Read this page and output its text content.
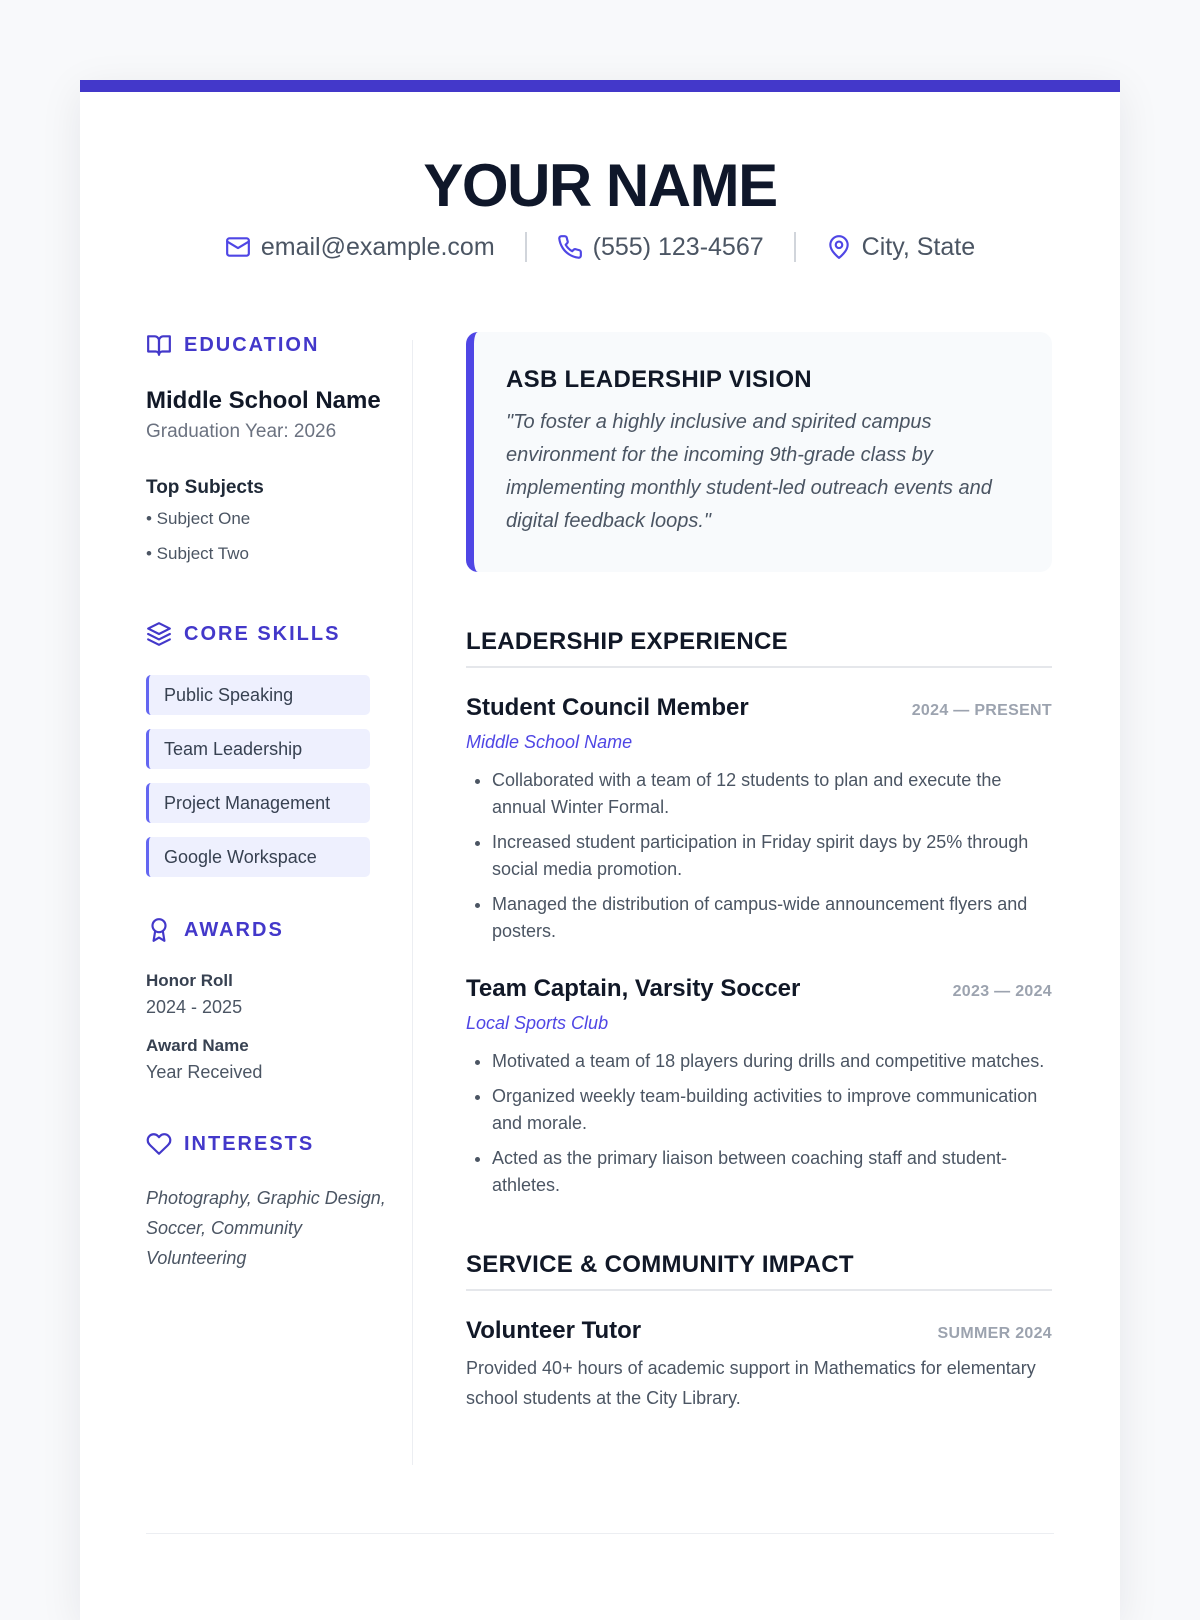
YOUR NAME
email@example.com	(555) 123-4567	City, State
EDUCATION
Middle School Name
Graduation Year: 2026
Top Subjects
• Subject One
• Subject Two
CORE SKILLS
Public Speaking
Team Leadership
Project Management
Google Workspace
AWARDS
Honor Roll
2024 - 2025
Award Name
Year Received
INTERESTS
Photography, Graphic Design, Soccer, Community Volunteering
ASB LEADERSHIP VISION
"To foster a highly inclusive and spirited campus environment for the incoming 9th-grade class by implementing monthly student-led outreach events and digital feedback loops."
LEADERSHIP EXPERIENCE
Student Council Member	2024 — PRESENT
Middle School Name
• Collaborated with a team of 12 students to plan and execute the annual Winter Formal.
• Increased student participation in Friday spirit days by 25% through social media promotion.
• Managed the distribution of campus-wide announcement flyers and posters.
Team Captain, Varsity Soccer	2023 — 2024
Local Sports Club
• Motivated a team of 18 players during drills and competitive matches.
• Organized weekly team-building activities to improve communication and morale.
• Acted as the primary liaison between coaching staff and student-athletes.
SERVICE & COMMUNITY IMPACT
Volunteer Tutor	SUMMER 2024
Provided 40+ hours of academic support in Mathematics for elementary school students at the City Library.
